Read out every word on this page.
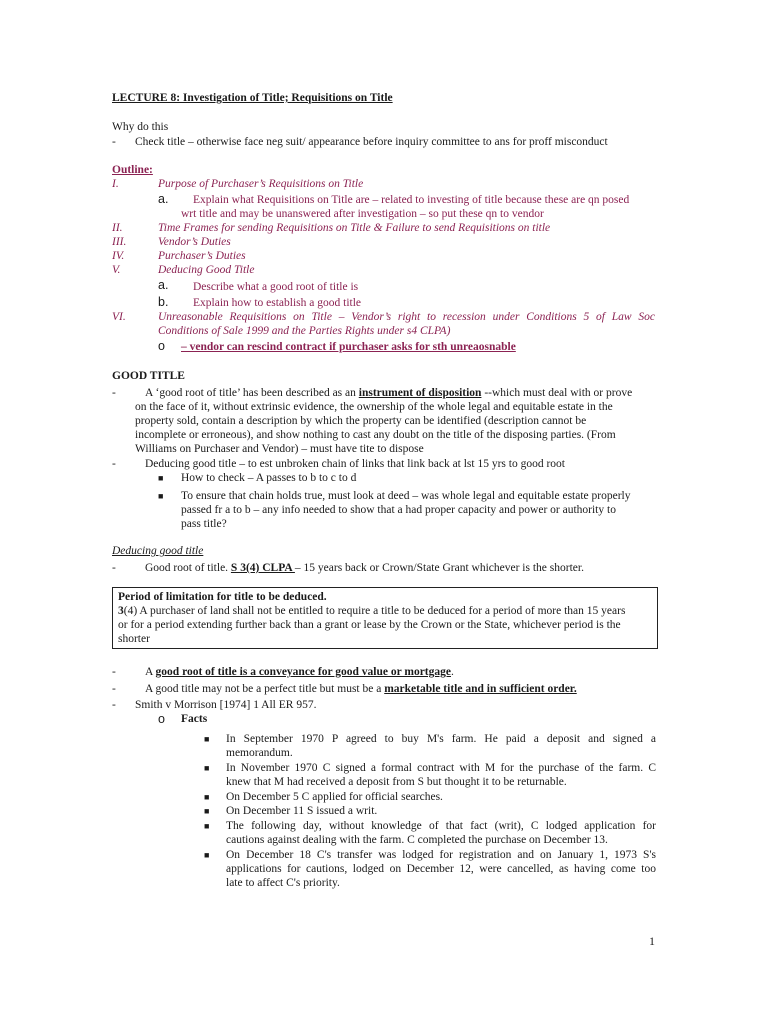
LECTURE 8: Investigation of Title; Requisitions on Title
Why do this
- Check title – otherwise face neg suit/ appearance before inquiry committee to ans for proff misconduct
Outline:
I.	Purpose of Purchaser’s Requisitions on Title
a. Explain what Requisitions on Title are – related to investing of title because these are qn posed
wrt title and may be unanswered after investigation – so put these qn to vendor
II.	Time Frames for sending Requisitions on Title & Failure to send Requisitions on title
III.	Vendor’s Duties
IV.	Purchaser’s Duties
V.	Deducing Good Title
a. Describe what a good root of title is
b. Explain how to establish a good title
VI.	Unreasonable Requisitions on Title – Vendor’s right to recession under Conditions 5 of Law Soc
Conditions of Sale 1999 and the Parties Rights under s4 CLPA)
o – vendor can rescind contract if purchaser asks for sth unreaosnable
GOOD TITLE
-	A ‘good root of title’ has been described as an instrument of disposition --which must deal with or prove
on the face of it, without extrinsic evidence, the ownership of the whole legal and equitable estate in the
property sold, contain a description by which the property can be identified (description cannot be
incomplete or erroneous), and show nothing to cast any doubt on the title of the disposing parties. (From
Williams on Purchaser and Vendor) – must have tite to dispose
-	Deducing good title – to est unbroken chain of links that link back at lst 15 yrs to good root
■ How to check – A passes to b to c to d
■ To ensure that chain holds true, must look at deed – was whole legal and equitable estate properly
passed fr a to b – any info needed to show that a had proper capacity and power or authority to
pass title?
Deducing good title
-	Good root of title. S 3(4) CLPA – 15 years back or Crown/State Grant whichever is the shorter.
Period of limitation for title to be deduced.
3(4) A purchaser of land shall not be entitled to require a title to be deduced for a period of more than 15 years
or for a period extending further back than a grant or lease by the Crown or the State, whichever period is the
shorter
-	A good root of title is a conveyance for good value or mortgage.
-	A good title may not be a perfect title but must be a marketable title and in sufficient order.
- Smith v Morrison [1974] 1 All ER 957.
o Facts
■ In September 1970 P agreed to buy M's farm. He paid a deposit and signed a
memorandum.
■ In November 1970 C signed a formal contract with M for the purchase of the farm. C
knew that M had received a deposit from S but thought it to be returnable.
■ On December 5 C applied for official searches.
■ On December 11 S issued a writ.
■ The following day, without knowledge of that fact (writ), C lodged application for
cautions against dealing with the farm. C completed the purchase on December 13.
■ On December 18 C's transfer was lodged for registration and on January 1, 1973 S's
applications for cautions, lodged on December 12, were cancelled, as having come too
late to affect C's priority.
1
